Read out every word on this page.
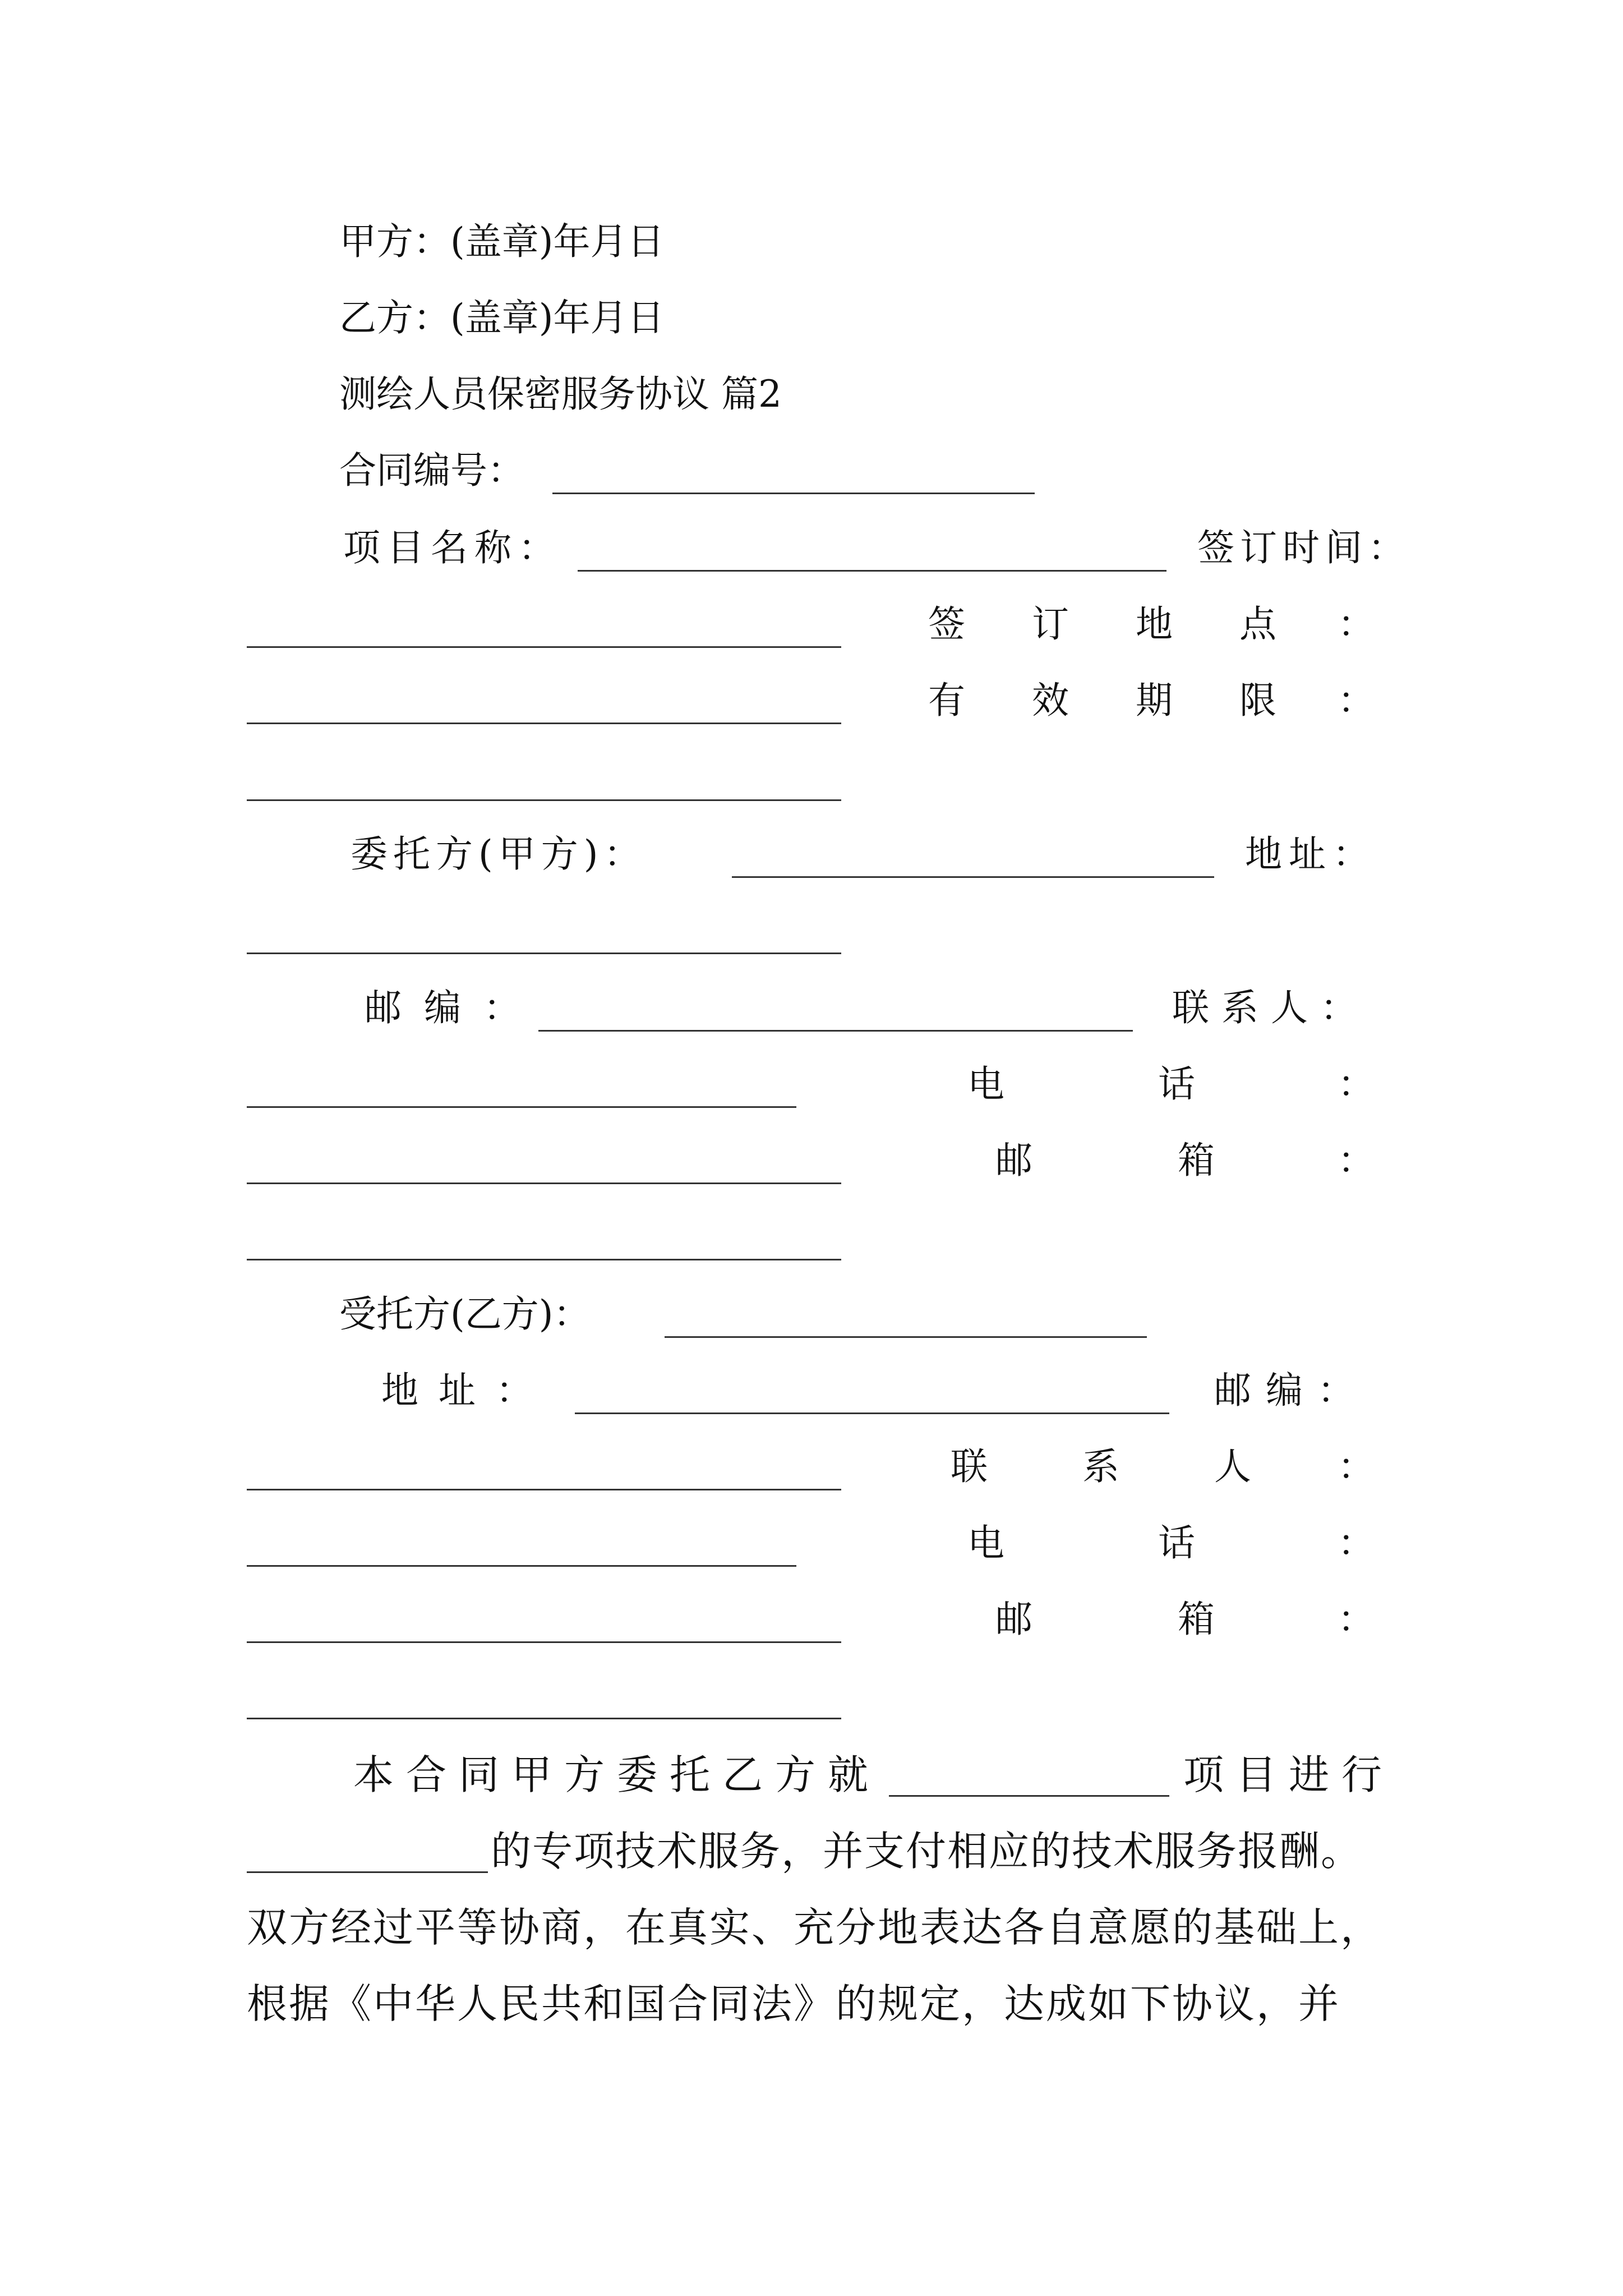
甲方：(盖章)年月日
乙方：(盖章)年月日
测绘人员保密服务协议 篇2
合同编号：
项目名称：	签订时间：
签 订 地 点 ：
有 效 期 限 ：
委托方(甲方)：	地址：
邮编：	联系人：
电	话	：
邮	箱	：
受托方(乙方)：
地址：	邮编：
联	系	人 ：
电	话	：
邮	箱	：
本合同甲方委托乙方就	项目进行
的专项技术服务，并支付相应的技术服务报酬。
双方经过平等协商，在真实、充分地表达各自意愿的基础上，
根据《中华人民共和国合同法》的规定，达成如下协议，并
